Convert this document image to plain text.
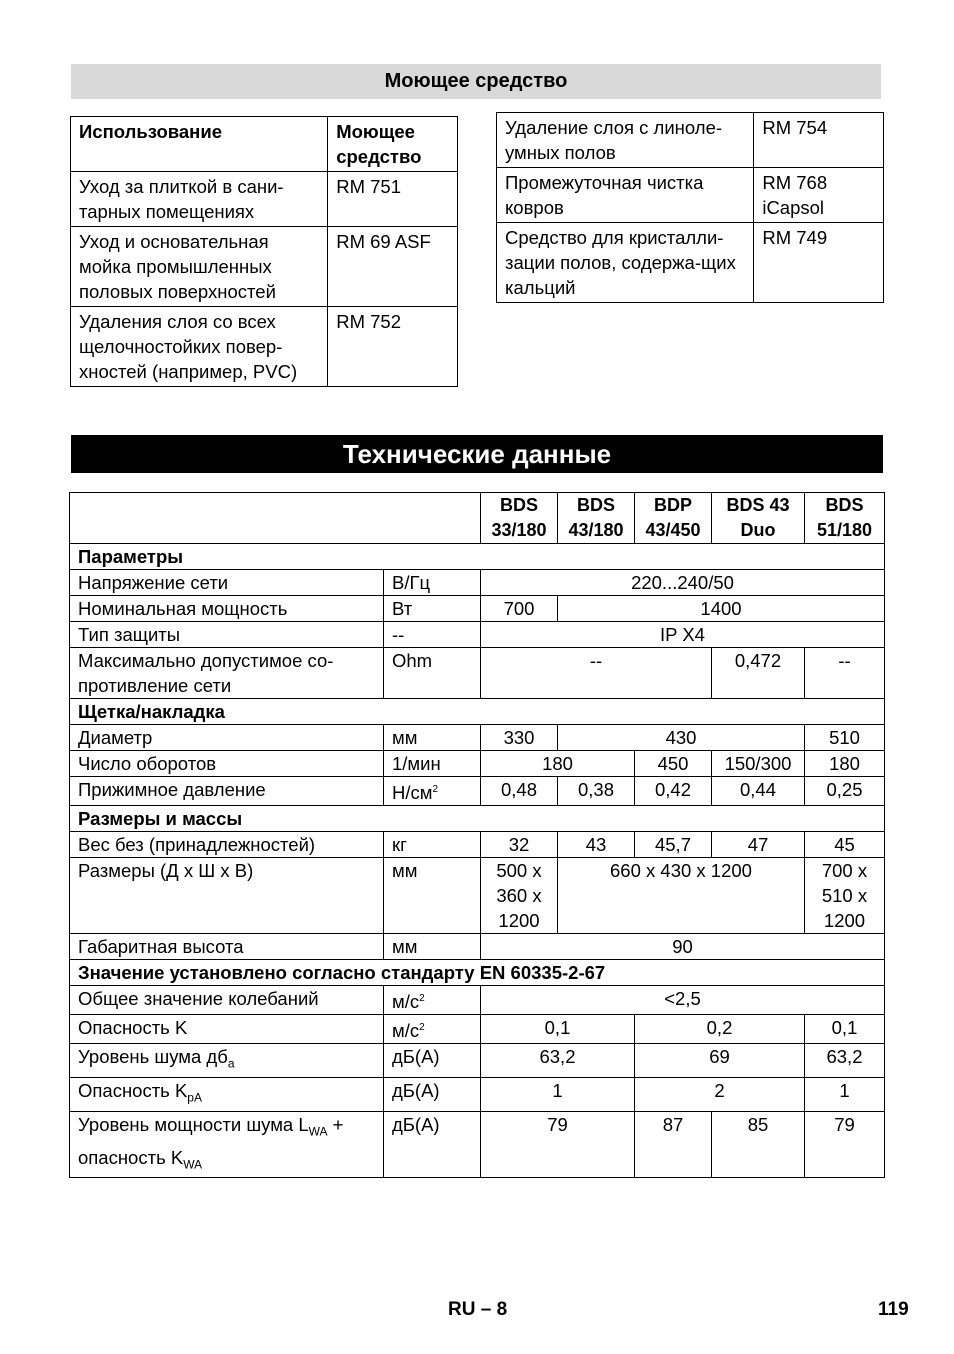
Моющее средство
Использование	Моющее средство
Уход за плиткой в сани-тарных помещениях	RM 751
Уход и основательная мойка промышленных половых поверхностей	RM 69 ASF
Удаления слоя со всех щелочностойких повер-хностей (например, PVC)	RM 752
Удаление слоя с линоле-умных полов	RM 754
Промежуточная чистка ковров	RM 768 iCapsol
Средство для кристалли-зации полов, содержа-щих кальций	RM 749
Технические данные
		BDS 33/180	BDS 43/180	BDP 43/450	BDS 43 Duo	BDS 51/180
Параметры						
Напряжение сети	В/Гц	220...240/50				
Номинальная мощность	Вт	700	1400			
Тип защиты	--	IP X4				
Максимально допустимое со-противление сети	Ohm	--			0,472	--
Щетка/накладка						
Диаметр	мм	330	430			510
Число оборотов	1/мин	180		450	150/300	180
Прижимное давление	$Н/см^2$	0,48	0,38	0,42	0,44	0,25
Размеры и массы						
Вес без (принадлежностей)	кг	32	43	45,7	47	45
Размеры (Д х Ш х В)	мм	500 x 360 x 1200	660 x 430 x 1200			700 x 510 x 1200
Габаритная высота	мм	90				
Значение установлено согласно стандарту EN 60335-2-67						
Общее значение колебаний	$м/с^2$	<2,5				
Опасность K	$м/с^2$	0,1		0,2		0,1
Уровень шума $дб_a$	дБ(A)	63,2		69		63,2
Опасность $K_{pA}$	дБ(A)	1		2		1
Уровень мощности шума $L_{WA}$ + опасность $K_{WA}$	дБ(A)	79		87	85	79
RU – 8	119
